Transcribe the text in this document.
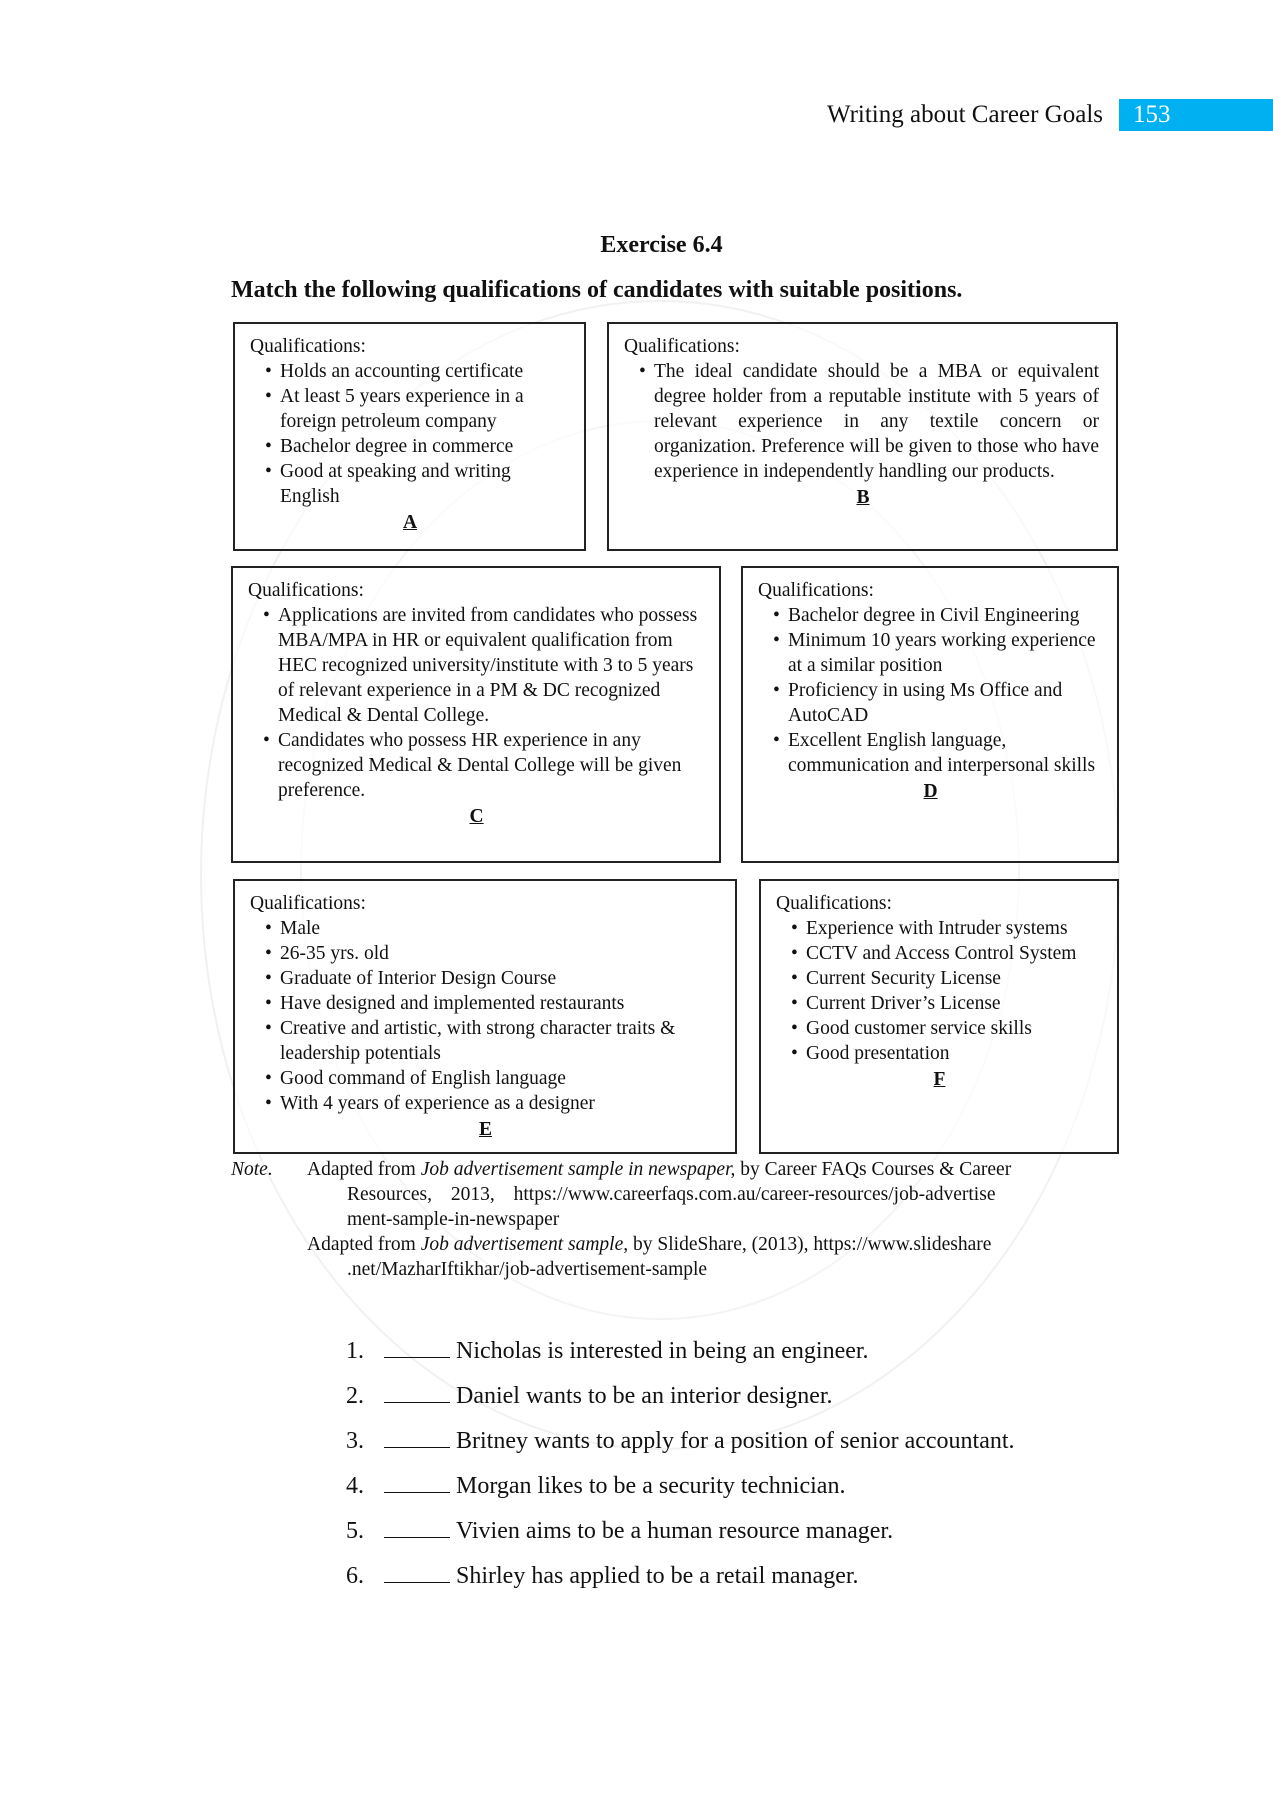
Writing about Career Goals 153
Exercise 6.4
Match the following qualifications of candidates with suitable positions.
Qualifications:
• Holds an accounting certificate
• At least 5 years experience in a foreign petroleum company
• Bachelor degree in commerce
• Good at speaking and writing English
A
Qualifications:
• The ideal candidate should be a MBA or equivalent degree holder from a reputable institute with 5 years of relevant experience in any textile concern or organization. Preference will be given to those who have experience in independently handling our products.
B
Qualifications:
• Applications are invited from candidates who possess MBA/MPA in HR or equivalent qualification from HEC recognized university/institute with 3 to 5 years of relevant experience in a PM & DC recognized Medical & Dental College.
• Candidates who possess HR experience in any recognized Medical & Dental College will be given preference.
C
Qualifications:
• Bachelor degree in Civil Engineering
• Minimum 10 years working experience at a similar position
• Proficiency in using Ms Office and AutoCAD
• Excellent English language, communication and interpersonal skills
D
Qualifications:
• Male
• 26-35 yrs. old
• Graduate of Interior Design Course
• Have designed and implemented restaurants
• Creative and artistic, with strong character traits & leadership potentials
• Good command of English language
• With 4 years of experience as a designer
E
Qualifications:
• Experience with Intruder systems
• CCTV and Access Control System
• Current Security License
• Current Driver’s License
• Good customer service skills
• Good presentation
F
Note.	Adapted from Job advertisement sample in newspaper, by Career FAQs Courses & Career
Resources, 2013, https://www.careerfaqs.com.au/career-resources/job-advertise
ment-sample-in-newspaper
Adapted from Job advertisement sample, by SlideShare, (2013), https://www.slideshare
.net/MazharIftikhar/job-advertisement-sample
1.	Nicholas is interested in being an engineer.
2.	Daniel wants to be an interior designer.
3.	Britney wants to apply for a position of senior accountant.
4.	Morgan likes to be a security technician.
5.	Vivien aims to be a human resource manager.
6.	Shirley has applied to be a retail manager.
